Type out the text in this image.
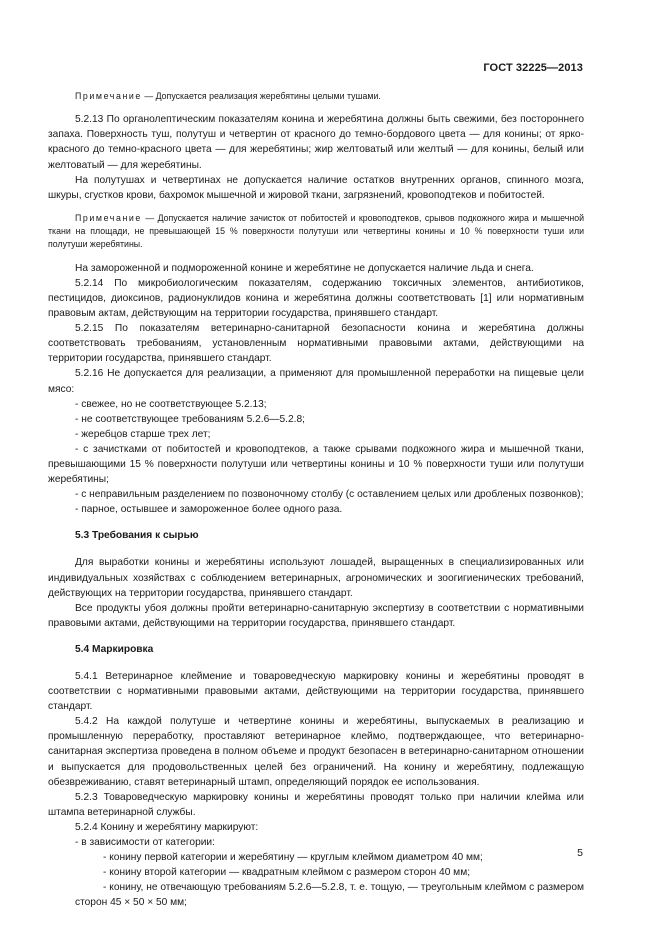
ГОСТ 32225—2013

Примечание — Допускается реализация жеребятины целыми тушами.

5.2.13 По органолептическим показателям конина и жеребятина должны быть свежими, без постороннего запаха. Поверхность туш, полутуш и четвертин от красного до темно-бордового цвета — для конины; от ярко-красного до темно-красного цвета — для жеребятины; жир желтоватый или желтый — для конины, белый или желтоватый — для жеребятины.

На полутушах и четвертинах не допускается наличие остатков внутренних органов, спинного мозга, шкуры, сгустков крови, бахромок мышечной и жировой ткани, загрязнений, кровоподтеков и побитостей.

Примечание — Допускается наличие зачисток от побитостей и кровоподтеков, срывов подкожного жира и мышечной ткани на площади, не превышающей 15 % поверхности полутуши или четвертины конины и 10 % поверхности туши или полутуши жеребятины.

На замороженной и подмороженной конине и жеребятине не допускается наличие льда и снега.

5.2.14 По микробиологическим показателям, содержанию токсичных элементов, антибиотиков, пестицидов, диоксинов, радионуклидов конина и жеребятина должны соответствовать [1] или нормативным правовым актам, действующим на территории государства, принявшего стандарт.

5.2.15 По показателям ветеринарно-санитарной безопасности конина и жеребятина должны соответствовать требованиям, установленным нормативными правовыми актами, действующими на территории государства, принявшего стандарт.

5.2.16 Не допускается для реализации, а применяют для промышленной переработки на пищевые цели мясо:

- свежее, но не соответствующее 5.2.13;

- не соответствующее требованиям 5.2.6—5.2.8;

- жеребцов старше трех лет;

- с зачистками от побитостей и кровоподтеков, а также срывами подкожного жира и мышечной ткани, превышающими 15 % поверхности полутуши или четвертины конины и 10 % поверхности туши или полутуши жеребятины;

- с неправильным разделением по позвоночному столбу (с оставлением целых или дробленых позвонков);

- парное, остывшее и замороженное более одного раза.

5.3 Требования к сырью

Для выработки конины и жеребятины используют лошадей, выращенных в специализированных или индивидуальных хозяйствах с соблюдением ветеринарных, агрономических и зоогигиенических требований, действующих на территории государства, принявшего стандарт.

Все продукты убоя должны пройти ветеринарно-санитарную экспертизу в соответствии с нормативными правовыми актами, действующими на территории государства, принявшего стандарт.

5.4 Маркировка

5.4.1 Ветеринарное клеймение и товароведческую маркировку конины и жеребятины проводят в соответствии с нормативными правовыми актами, действующими на территории государства, принявшего стандарт.

5.4.2 На каждой полутуше и четвертине конины и жеребятины, выпускаемых в реализацию и промышленную переработку, проставляют ветеринарное клеймо, подтверждающее, что ветеринарно-санитарная экспертиза проведена в полном объеме и продукт безопасен в ветеринарно-санитарном отношении и выпускается для продовольственных целей без ограничений. На конину и жеребятину, подлежащую обезвреживанию, ставят ветеринарный штамп, определяющий порядок ее использования.

5.2.3 Товароведческую маркировку конины и жеребятины проводят только при наличии клейма или штампа ветеринарной службы.

5.2.4 Конину и жеребятину маркируют:

- в зависимости от категории:

- конину первой категории и жеребятину — круглым клеймом диаметром 40 мм;

- конину второй категории — квадратным клеймом с размером сторон 40 мм;

- конину, не отвечающую требованиям 5.2.6—5.2.8, т. е. тощую, — треугольным клеймом с размером сторон 45 × 50 × 50 мм;

5
